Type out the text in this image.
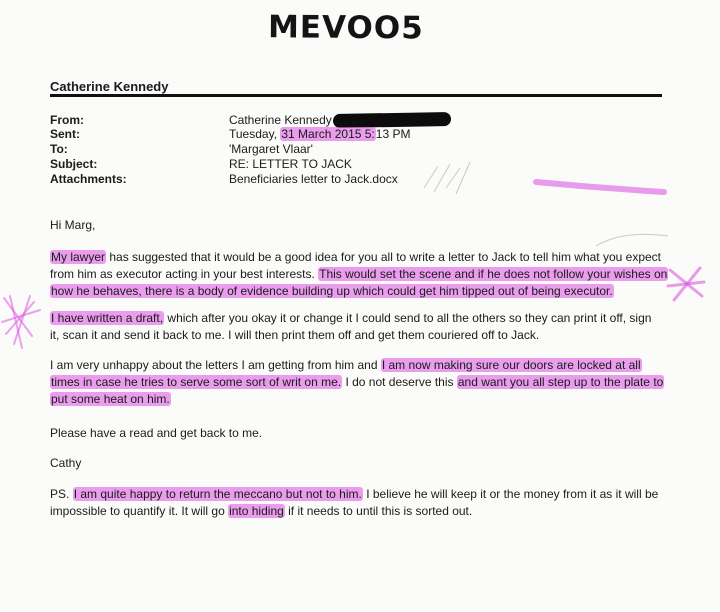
MEVOO5
Catherine Kennedy
From:	Catherine Kennedy
Sent:	Tuesday, 31 March 2015 5:13 PM
To:	'Margaret Vlaar'
Subject:	RE: LETTER TO JACK
Attachments:	Beneficiaries letter to Jack.docx
Hi Marg,
My lawyer has suggested that it would be a good idea for you all to write a letter to Jack to tell him what you expect
from him as executor acting in your best interests. This would set the scene and if he does not follow your wishes on
how he behaves, there is a body of evidence building up which could get him tipped out of being executor.
I have written a draft, which after you okay it or change it I could send to all the others so they can print it off, sign
it, scan it and send it back to me. I will then print them off and get them couriered off to Jack.
I am very unhappy about the letters I am getting from him and I am now making sure our doors are locked at all
times in case he tries to serve some sort of writ on me. I do not deserve this and want you all step up to the plate to
put some heat on him.
Please have a read and get back to me.
Cathy
PS. I am quite happy to return the meccano but not to him. I believe he will keep it or the money from it as it will be
impossible to quantify it. It will go into hiding if it needs to until this is sorted out.
